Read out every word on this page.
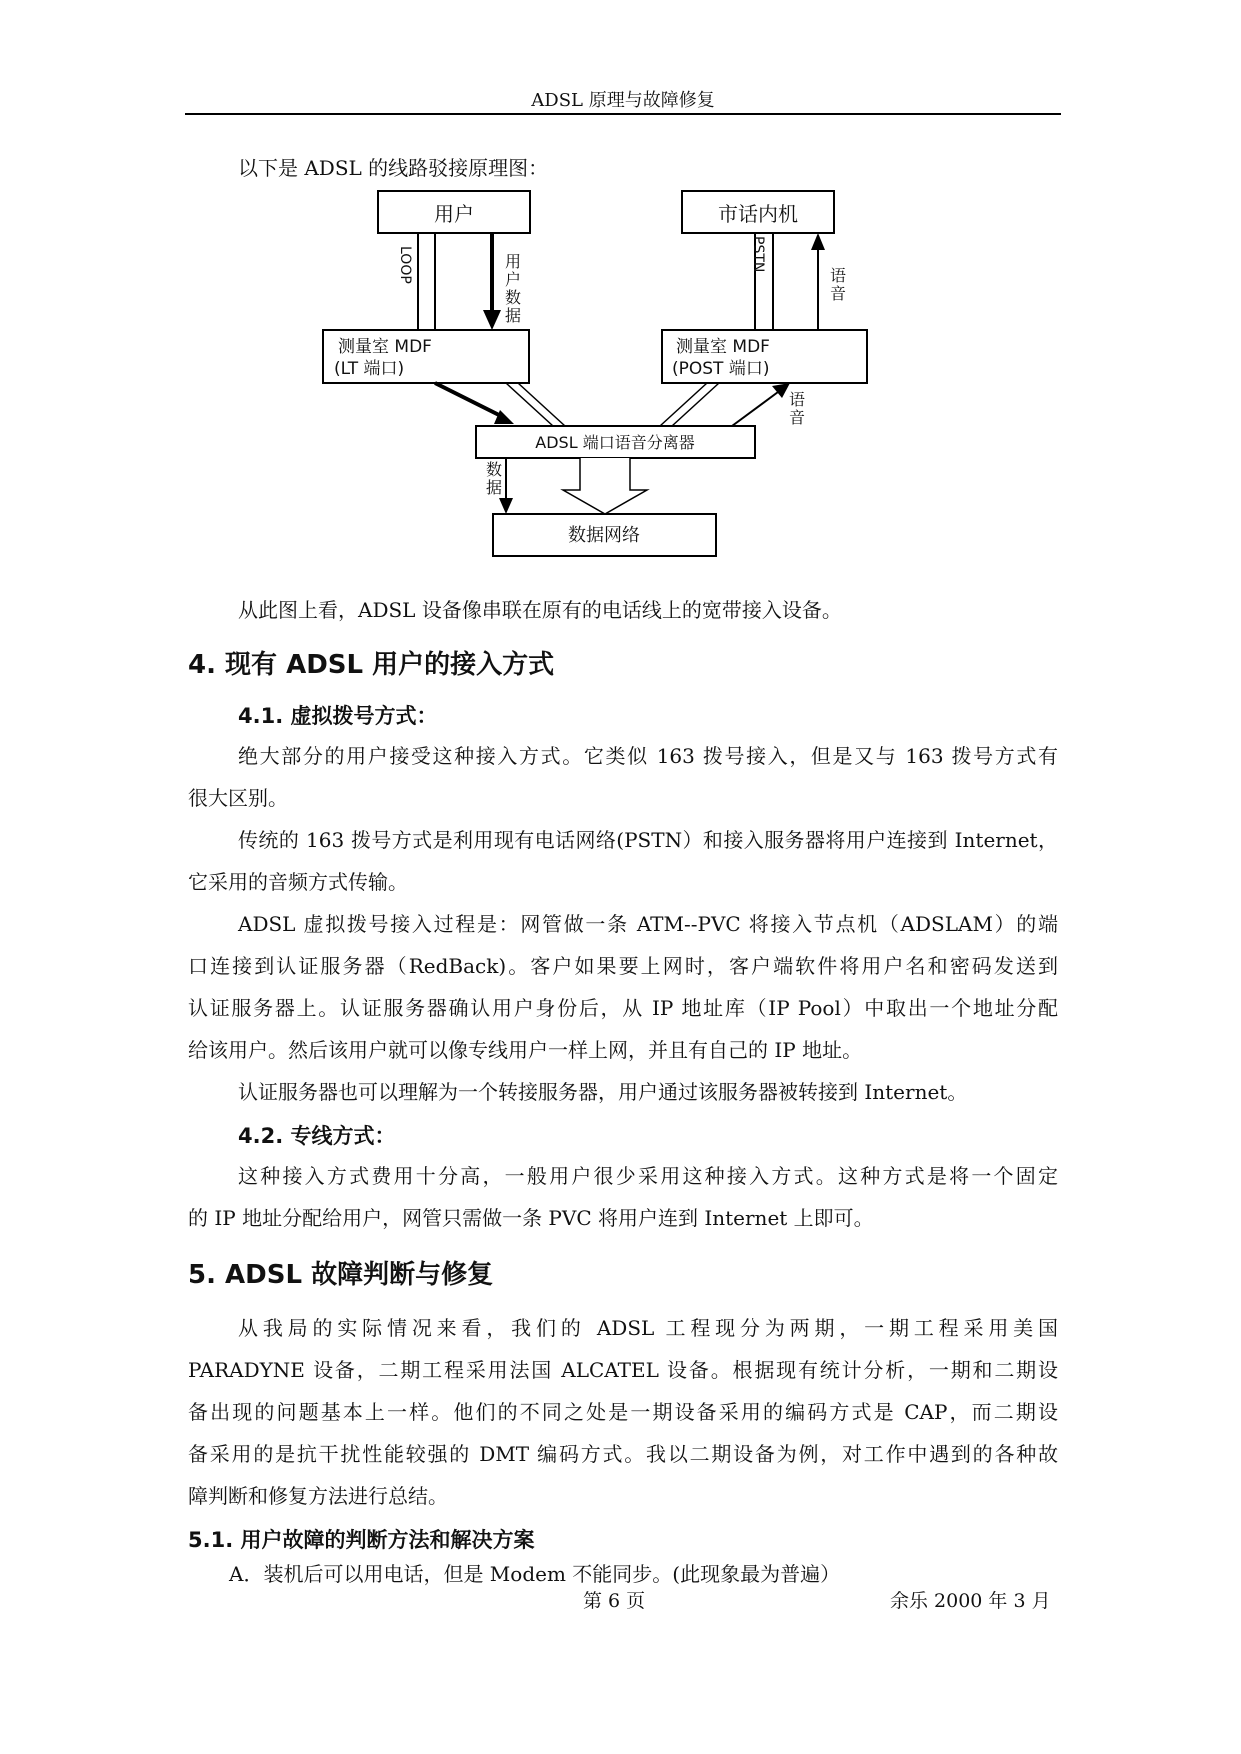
ADSL 原理与故障修复
以下是 ADSL 的线路驳接原理图：
用户	市话内机
测量室 MDF
(LT 端口)
测量室 MDF
(POST 端口)
ADSL 端口语音分离器
数据网络
LOOP	PSTN
用
户
数
据
语
音
语
音
数
据
从此图上看，ADSL 设备像串联在原有的电话线上的宽带接入设备。
4. 现有 ADSL 用户的接入方式
4.1. 虚拟拨号方式：
绝大部分的用户接受这种接入方式。它类似 163 拨号接入，但是又与 163 拨号方式有
很大区别。
传统的 163 拨号方式是利用现有电话网络(PSTN）和接入服务器将用户连接到 Internet，
它采用的音频方式传输。
ADSL 虚拟拨号接入过程是：网管做一条 ATM--PVC 将接入节点机（ADSLAM）的端
口连接到认证服务器（RedBack)。客户如果要上网时，客户端软件将用户名和密码发送到
认证服务器上。认证服务器确认用户身份后，从 IP 地址库（IP Pool）中取出一个地址分配
给该用户。然后该用户就可以像专线用户一样上网，并且有自己的 IP 地址。
认证服务器也可以理解为一个转接服务器，用户通过该服务器被转接到 Internet。
4.2. 专线方式：
这种接入方式费用十分高，一般用户很少采用这种接入方式。这种方式是将一个固定
的 IP 地址分配给用户，网管只需做一条 PVC 将用户连到 Internet 上即可。
5. ADSL 故障判断与修复
从我局的实际情况来看，我们的 ADSL 工程现分为两期，一期工程采用美国
PARADYNE 设备，二期工程采用法国 ALCATEL 设备。根据现有统计分析，一期和二期设
备出现的问题基本上一样。他们的不同之处是一期设备采用的编码方式是 CAP，而二期设
备采用的是抗干扰性能较强的 DMT 编码方式。我以二期设备为例，对工作中遇到的各种故
障判断和修复方法进行总结。
5.1. 用户故障的判断方法和解决方案
A．装机后可以用电话，但是 Modem 不能同步。(此现象最为普遍）
第 6 页	余乐 2000 年 3 月
